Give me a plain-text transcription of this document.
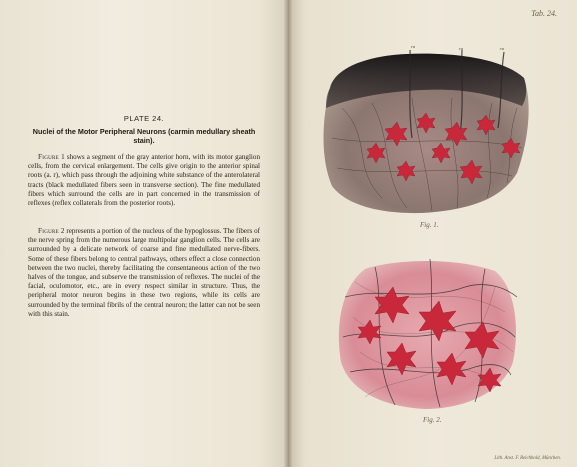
PLATE 24.
Nuclei of the Motor Peripheral Neurons (carmin medullary sheath stain).

Figure 1 shows a segment of the gray anterior horn, with its motor ganglion cells, from the cervical enlargement. The cells give origin to the anterior spinal roots (a. r), which pass through the adjoining white substance of the anterolateral tracts (black medullated fibers seen in transverse section). The fine medullated fibers which surround the cells are in part concerned in the transmission of reflexes (reflex collaterals from the posterior roots).

Figure 2 represents a portion of the nucleus of the hypoglossus. The fibers of the nerve spring from the numerous large multipolar ganglion cells. The cells are surrounded by a delicate network of coarse and fine medullated nerve-fibers. Some of these fibers belong to central pathways, others effect a close connection between the two nuclei, thereby facilitating the consentaneous action of the two halves of the tongue, and subserve the transmission of reflexes. The nuclei of the facial, oculomotor, etc., are in every respect similar in structure. Thus, the peripheral motor neuron begins in these two regions, while its cells are surrounded by the terminal fibrils of the central neuron; the latter can not be seen with this stain.

Tab. 24.
ra	ra	ra
Fig. 1.
Fig. 2.
Lith. Anst. F. Reichhold, München.
